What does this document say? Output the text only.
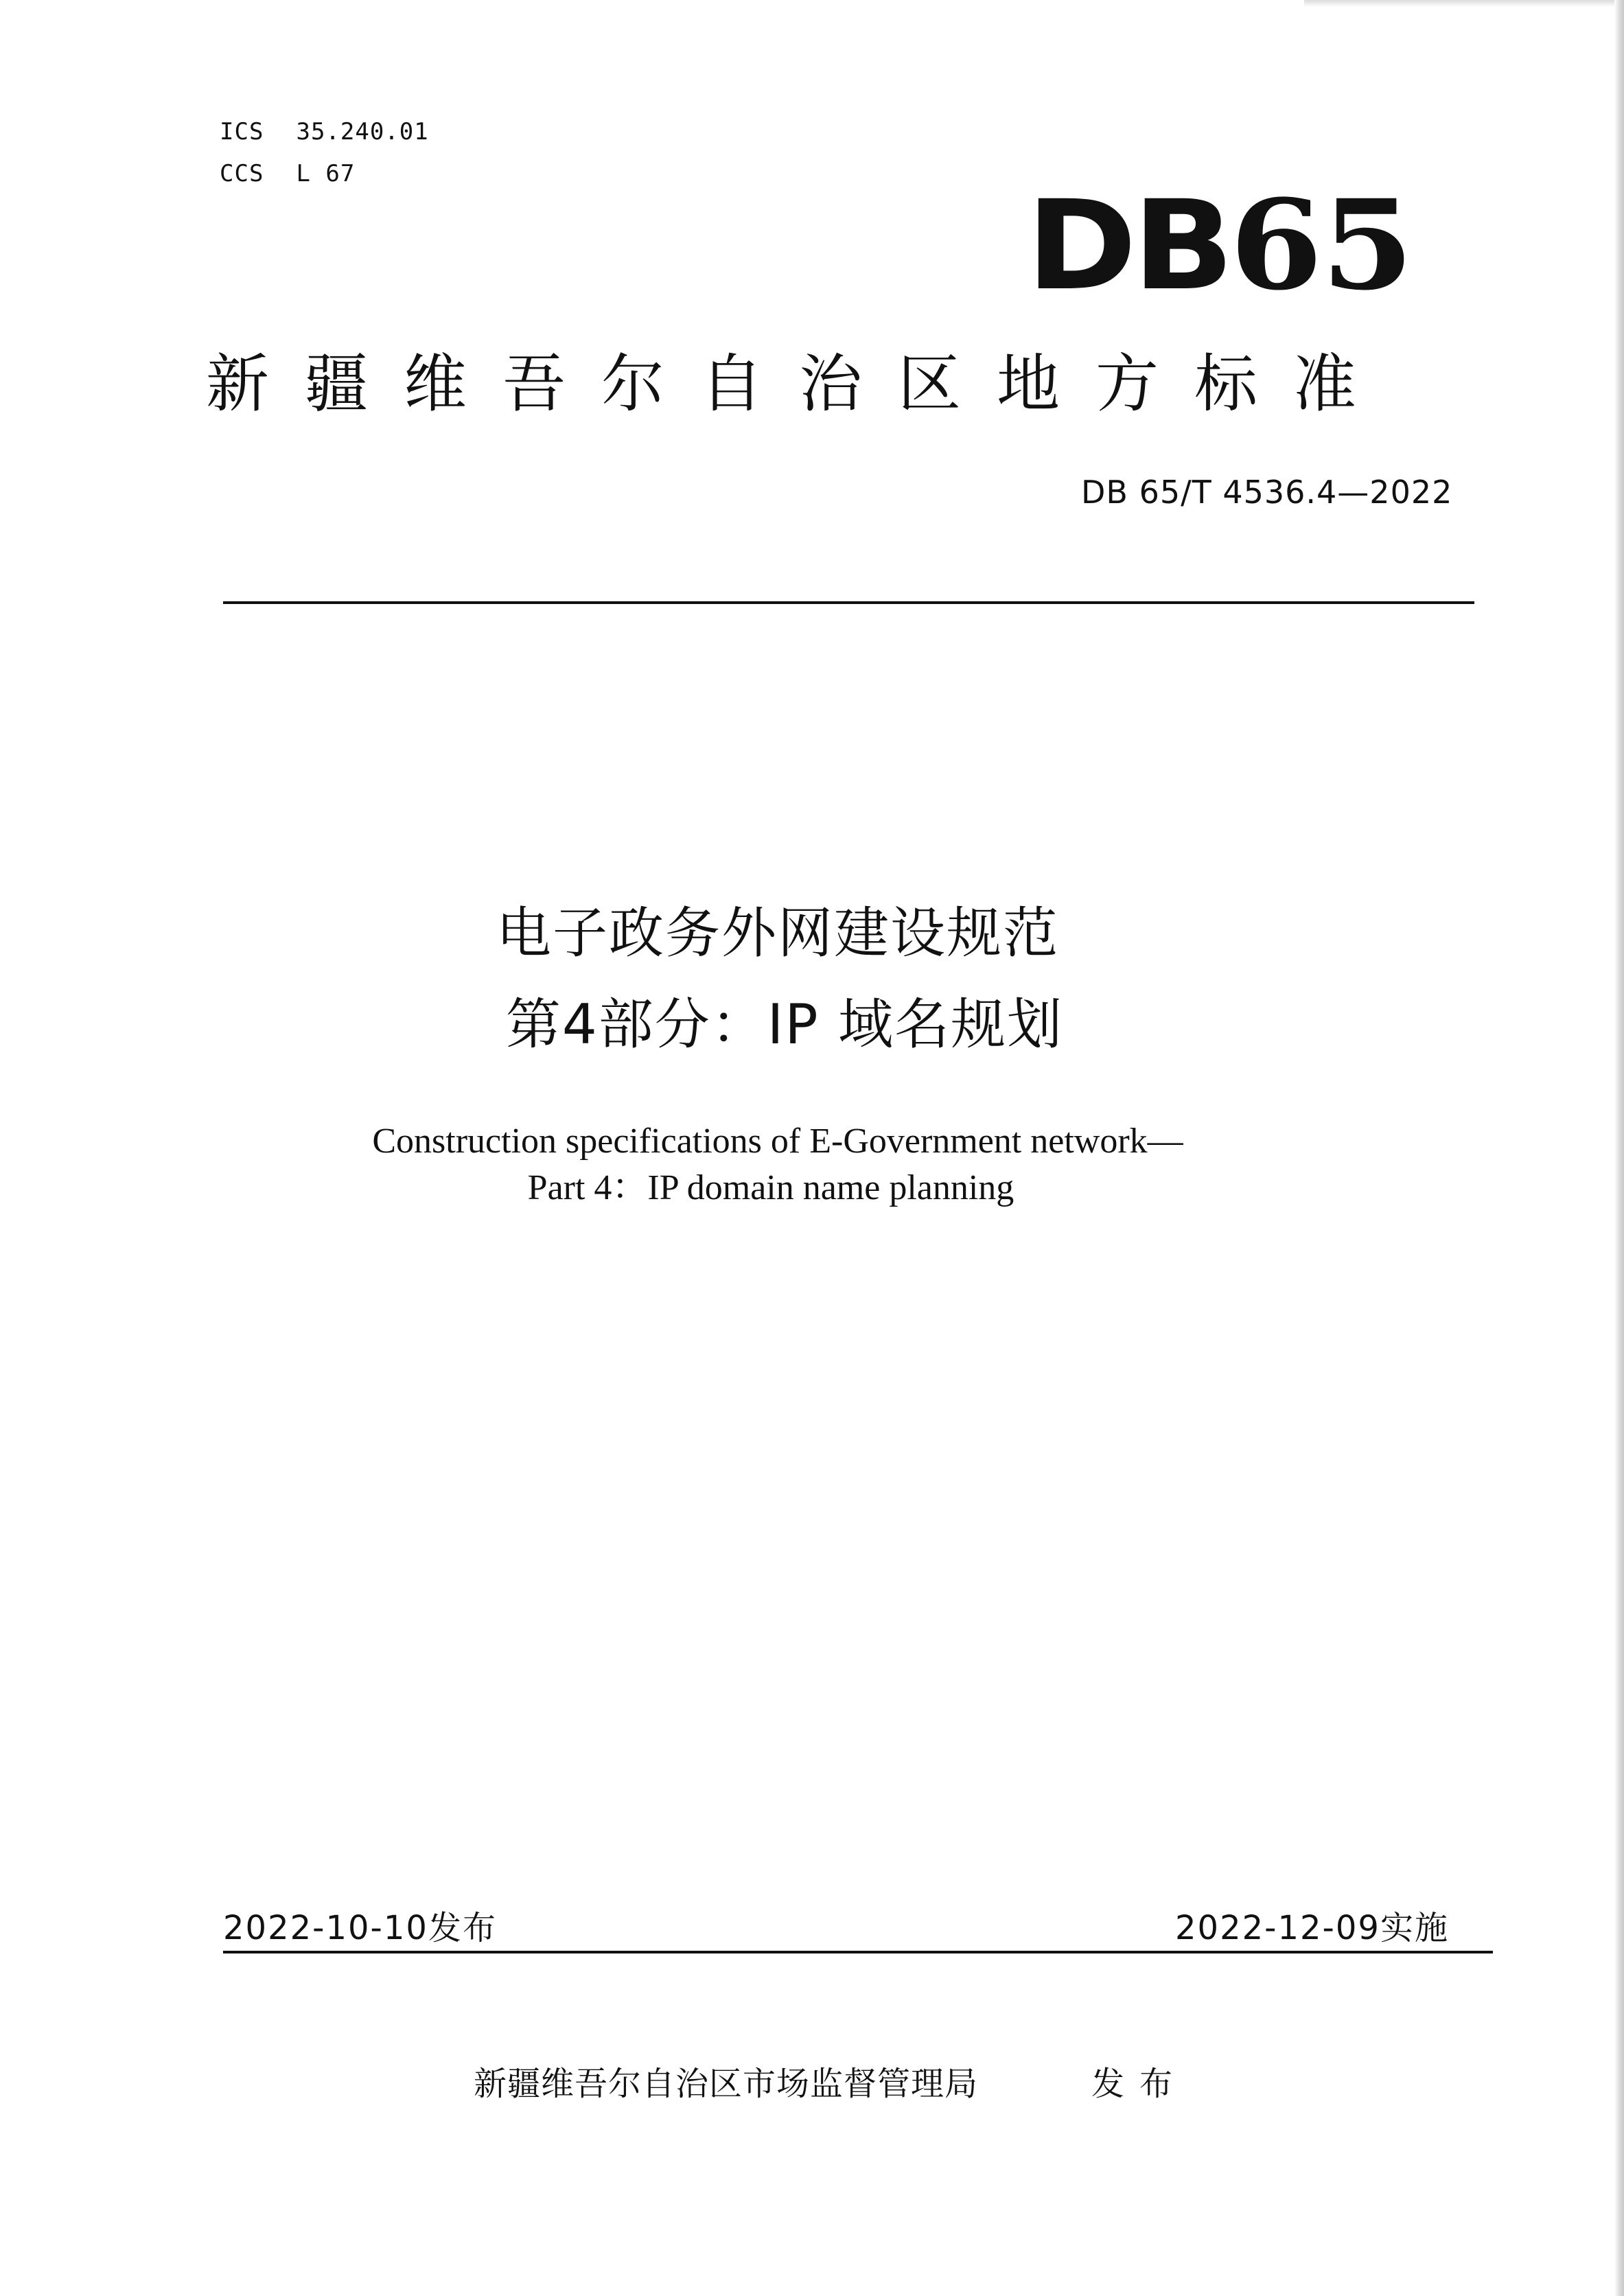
ICS 35.240.01
CCS L 67
DB65
新疆维吾尔自治区地方标准
DB 65/T 4536.4—2022
电子政务外网建设规范
第4部分：IP 域名规划
Construction specifications of E-Government network—
Part 4：IP domain name planning
2022-10-10发布	2022-12-09实施
新疆维吾尔自治区市场监督管理局	发布
